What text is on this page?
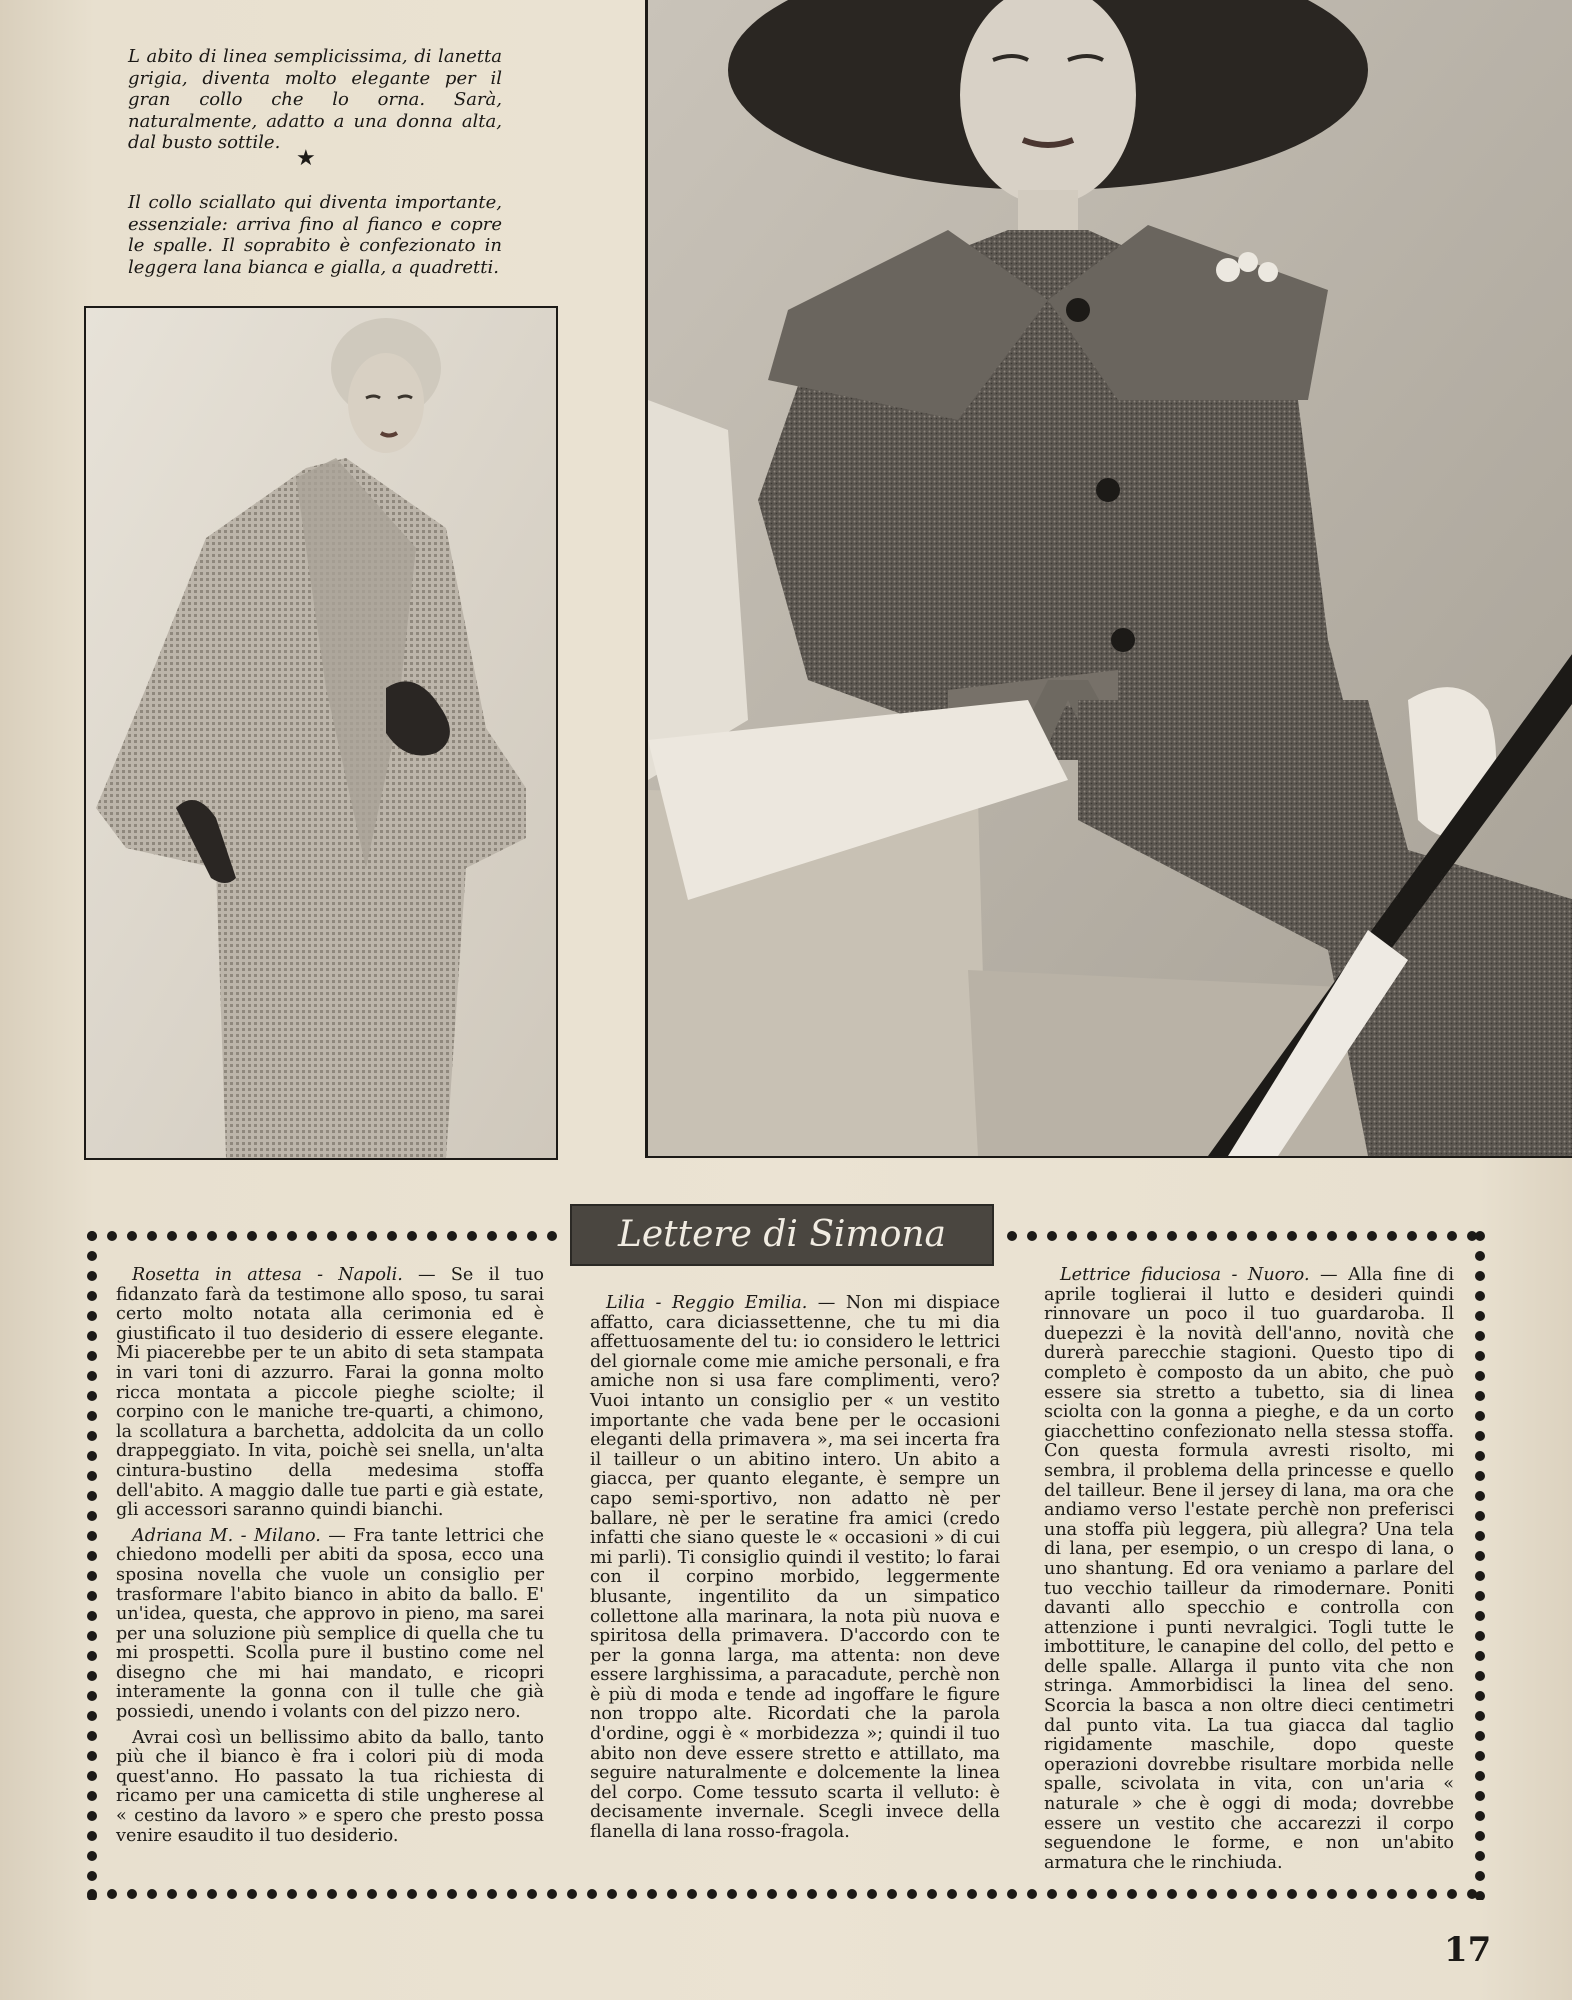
L abito di linea semplicissima, di lanetta grigia, diventa molto elegante per il gran collo che lo orna. Sarà, naturalmente, adatto a una donna alta, dal busto sottile.
★
Il collo sciallato qui diventa importante, essenziale: arriva fino al fianco e copre le spalle. Il soprabito è confezionato in leggera lana bianca e gialla, a quadretti.
Lettere di Simona

Rosetta in attesa - Napoli. — Se il tuo fidanzato farà da testimone allo sposo, tu sarai certo molto notata alla cerimonia ed è giustificato il tuo desiderio di essere elegante. Mi piacerebbe per te un abito di seta stampata in vari toni di azzurro. Farai la gonna molto ricca montata a piccole pieghe sciolte; il corpino con le maniche tre-quarti, a chimono, la scollatura a barchetta, addolcita da un collo drappeggiato. In vita, poichè sei snella, un'alta cintura-bustino della medesima stoffa dell'abito. A maggio dalle tue parti e già estate, gli accessori saranno quindi bianchi.

Adriana M. - Milano. — Fra tante lettrici che chiedono modelli per abiti da sposa, ecco una sposina novella che vuole un consiglio per trasformare l'abito bianco in abito da ballo. E' un'idea, questa, che approvo in pieno, ma sarei per una soluzione più semplice di quella che tu mi prospetti. Scolla pure il bustino come nel disegno che mi hai mandato, e ricopri interamente la gonna con il tulle che già possiedi, unendo i volants con del pizzo nero.

Avrai così un bellissimo abito da ballo, tanto più che il bianco è fra i colori più di moda quest'anno. Ho passato la tua richiesta di ricamo per una camicetta di stile ungherese al « cestino da lavoro » e spero che presto possa venire esaudito il tuo desiderio.

Lilia - Reggio Emilia. — Non mi dispiace affatto, cara diciassettenne, che tu mi dia affettuosamente del tu: io considero le lettrici del giornale come mie amiche personali, e fra amiche non si usa fare complimenti, vero? Vuoi intanto un consiglio per « un vestito importante che vada bene per le occasioni eleganti della primavera », ma sei incerta fra il tailleur o un abitino intero. Un abito a giacca, per quanto elegante, è sempre un capo semi-sportivo, non adatto nè per ballare, nè per le seratine fra amici (credo infatti che siano queste le « occasioni » di cui mi parli). Ti consiglio quindi il vestito; lo farai con il corpino morbido, leggermente blusante, ingentilito da un simpatico collettone alla marinara, la nota più nuova e spiritosa della primavera. D'accordo con te per la gonna larga, ma attenta: non deve essere larghissima, a paracadute, perchè non è più di moda e tende ad ingoffare le figure non troppo alte. Ricordati che la parola d'ordine, oggi è « morbidezza »; quindi il tuo abito non deve essere stretto e attillato, ma seguire naturalmente e dolcemente la linea del corpo. Come tessuto scarta il velluto: è decisamente invernale. Scegli invece della flanella di lana rosso-fragola.

Lettrice fiduciosa - Nuoro. — Alla fine di aprile toglierai il lutto e desideri quindi rinnovare un poco il tuo guardaroba. Il duepezzi è la novità dell'anno, novità che durerà parecchie stagioni. Questo tipo di completo è composto da un abito, che può essere sia stretto a tubetto, sia di linea sciolta con la gonna a pieghe, e da un corto giacchettino confezionato nella stessa stoffa. Con questa formula avresti risolto, mi sembra, il problema della princesse e quello del tailleur. Bene il jersey di lana, ma ora che andiamo verso l'estate perchè non preferisci una stoffa più leggera, più allegra? Una tela di lana, per esempio, o un crespo di lana, o uno shantung. Ed ora veniamo a parlare del tuo vecchio tailleur da rimodernare. Poniti davanti allo specchio e controlla con attenzione i punti nevralgici. Togli tutte le imbottiture, le canapine del collo, del petto e delle spalle. Allarga il punto vita che non stringa. Ammorbidisci la linea del seno. Scorcia la basca a non oltre dieci centimetri dal punto vita. La tua giacca dal taglio rigidamente maschile, dopo queste operazioni dovrebbe risultare morbida nelle spalle, scivolata in vita, con un'aria « naturale » che è oggi di moda; dovrebbe essere un vestito che accarezzi il corpo seguendone le forme, e non un'abito armatura che le rinchiuda.

17
